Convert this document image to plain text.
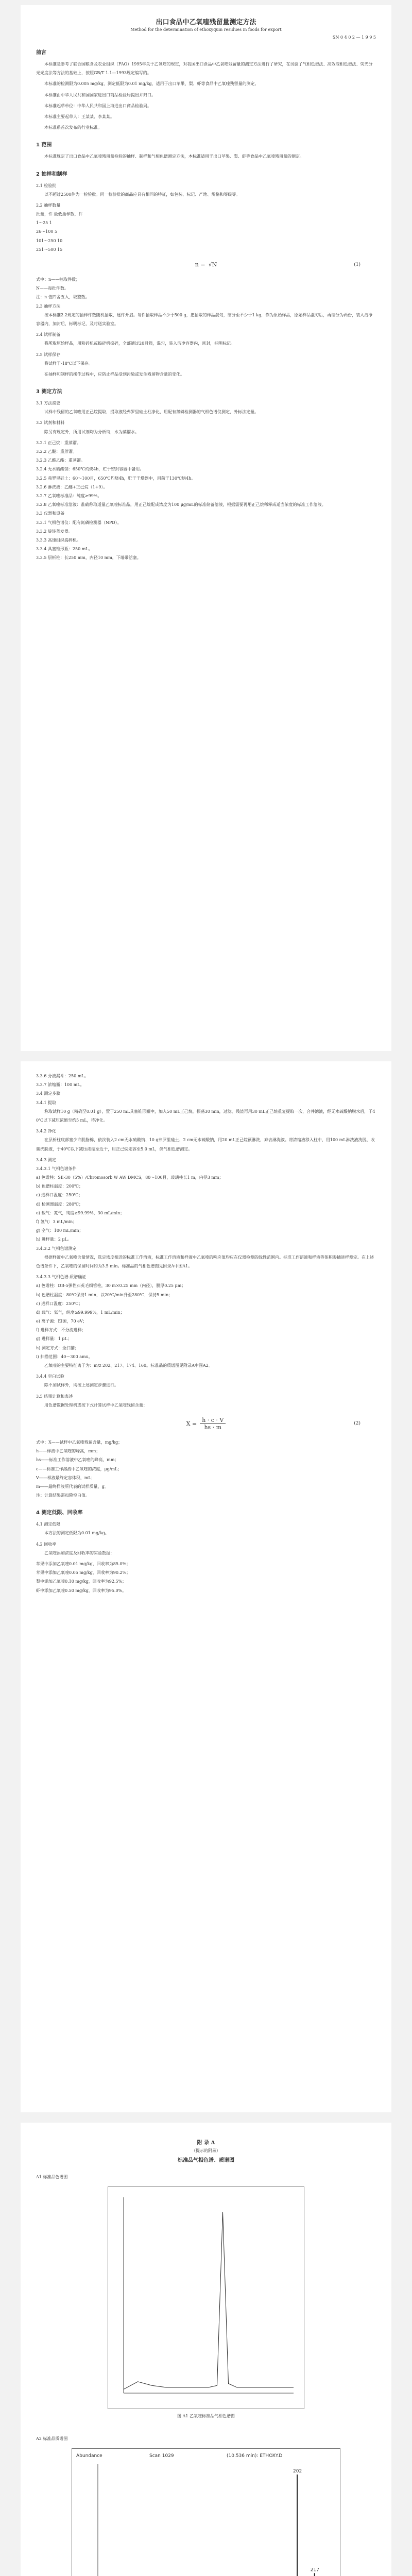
出口食品中乙氧喹残留量测定方法
Method for the determination of ethoxyquin residues in foods for export
SN 0 4 0 2 — 1 9 9 5
前言

本标准是参考了联合国粮食及农业组织（FAO）1995年关于乙氧喹的规定，对我国出口食品中乙氧喹残留量的测定方法进行了研究，在试验了气相色谱法、高效液相色谱法、荧光分光光度法等方法的基础上，按照GB/T 1.1—1993规定编写的。

本标准的检测限为0.005 mg/kg，测定低限为0.01 mg/kg，适用于出口苹果、梨、虾等食品中乙氧喹残留量的测定。

本标准由中华人民共和国国家进出口商品检验局提出并归口。

本标准起草单位：中华人民共和国上海进出口商品检验局。

本标准主要起草人：王某某、李某某。

本标准系首次发布的行业标准。

1 范围

本标准规定了出口食品中乙氧喹残留量检验的抽样、制样和气相色谱测定方法，本标准适用于出口苹果、梨、虾等食品中乙氧喹残留量的测定。

2 抽样和制样

2.1 检验批

以不超过2500件为一检验批。同一检验批的商品应具有相同的特征，如包装、标记、产地、规格和等级等。

2.2 抽样数量

批量，件 最低抽样数，件

1～25 1

26～100 5

101～250 10

251～500 15

n = √N	(1)

式中：n——抽取件数；

N——每批件数。

注：n 值四舍五入，取整数。

2.3 抽样方法

按本标准2.2规定的抽样件数随机抽取，逐件开启。每件抽取样品不少于500 g，把抽取的样品混匀，缩分至不少于1 kg，作为原始样品，原始样品混匀后，再缩分为两份，装入洁净容器内，加封后，标明标记，及时送实验室。

2.4 试样制备

将所取原始样品，用粉碎机或捣碎机捣碎，全部通过20目筛，混匀，装入洁净容器内，密封，标明标记。

2.5 试样保存

将试样于-18℃以下保存。

在抽样和制样的操作过程中，应防止样品受到污染或发生残留物含量的变化。

3 测定方法

3.1 方法提要

试样中残留的乙氧喹用正己烷提取，提取液经弗罗里硅土柱净化，用配有氮磷检测器的气相色谱仪测定，外标法定量。

3.2 试剂和材料

除另有规定外，所用试剂均为分析纯，水为蒸馏水。

3.2.1 正己烷：重蒸馏。

3.2.2 乙醚：重蒸馏。

3.2.3 乙酸乙酯：重蒸馏。

3.2.4 无水硫酸钠：650℃灼烧4h，贮于密封容器中备用。

3.2.5 弗罗里硅土：60～100目，650℃灼烧4h，贮于干燥器中，用前于130℃烘4h。

3.2.6 淋洗液：乙醚+正己烷（1+9）。

3.2.7 乙氧喹标准品：纯度≥99%。

3.2.8 乙氧喹标准溶液：准确称取适量乙氧喹标准品，用正己烷配成浓度为100 μg/mL的标准储备溶液，根据需要再用正己烷稀释成适当浓度的标准工作溶液。

3.3 仪器和设备

3.3.1 气相色谱仪：配有氮磷检测器（NPD）。

3.3.2 旋转蒸发器。

3.3.3 高速组织捣碎机。

3.3.4 具塞锥形瓶：250 mL。

3.3.5 层析柱：长250 mm，内径10 mm，下端带活塞。

3.3.6 分液漏斗：250 mL。

3.3.7 浓缩瓶：100 mL。

3.4 测定步骤

3.4.1 提取

称取试样10 g（精确至0.01 g），置于250 mL具塞锥形瓶中，加入50 mL正己烷，振荡30 min，过滤，残渣再用30 mL正己烷重复提取一次，合并滤液，经无水硫酸钠脱水后，于40℃以下减压浓缩至约5 mL，待净化。

3.4.2 净化

在层析柱底部塞少许脱脂棉，依次装入2 cm无水硫酸钠、10 g弗罗里硅土、2 cm无水硫酸钠，用20 mL正己烷预淋洗，弃去淋洗液。将浓缩液移入柱中，用100 mL淋洗液洗脱，收集洗脱液，于40℃以下减压浓缩至近干，用正己烷定容至5.0 mL，供气相色谱测定。

3.4.3 测定

3.4.3.1 气相色谱条件

a) 色谱柱：SE-30（5%）/Chromosorb W AW DMCS，80～100目，玻璃柱长1 m，内径3 mm；

b) 色谱柱温度：200℃；

c) 进样口温度：250℃；

d) 检测器温度：280℃；

e) 载气：氮气，纯度≥99.99%，30 mL/min；

f) 氢气：3 mL/min；

g) 空气：100 mL/min；

h) 进样量：2 μL。

3.4.3.2 气相色谱测定

根据样液中乙氧喹含量情况，选定浓度相近的标准工作溶液，标准工作溶液和样液中乙氧喹的响应值均应在仪器检测的线性范围内。标准工作溶液和样液等体积参插进样测定。在上述色谱条件下，乙氧喹的保留时间约为3.5 min。标准品的气相色谱图见附录A中图A1。

3.4.3.3 气相色谱-质谱确证

a) 色谱柱：DB-5弹性石英毛细管柱，30 m×0.25 mm（内径），膜厚0.25 μm；

b) 色谱柱温度：80℃保持1 min，以20℃/min升至280℃，保持5 min；

c) 进样口温度：250℃；

d) 载气：氦气，纯度≥99.999%，1 mL/min；

e) 离子源：EI源，70 eV；

f) 进样方式：不分流进样；

g) 进样量：1 μL；

h) 测定方式：全扫描；

i) 扫描范围：40～300 amu。

乙氧喹的主要特征离子为：m/z 202、217、174、160。标准品的质谱图见附录A中图A2。

3.4.4 空白试验

除不加试样外，均按上述测定步骤进行。

3.5 结果计算和表述

用色谱数据处理机或按下式计算试样中乙氧喹残留含量：

$X = \frac{h \cdot c \cdot V}{hs \cdot m}$	(2)

式中：X——试样中乙氧喹残留含量，mg/kg；

h——样液中乙氧喹的峰高，mm；

hs——标准工作溶液中乙氧喹的峰高，mm；

c——标准工作溶液中乙氧喹的浓度，μg/mL；

V——样液最终定容体积，mL；

m——最终样液所代表的试样质量，g。

注：计算结果需扣除空白值。

4 测定低限、回收率

4.1 测定低限

本方法的测定低限为0.01 mg/kg。

4.2 回收率

乙氧喹添加浓度及回收率的实验数据：

苹果中添加乙氧喹0.01 mg/kg，回收率为85.0%；

苹果中添加乙氧喹0.05 mg/kg，回收率为90.2%；

梨中添加乙氧喹0.10 mg/kg，回收率为92.5%；

虾中添加乙氧喹0.50 mg/kg，回收率为95.0%。

附 录 A
（提示的附录）
标准品气相色谱、质谱图

A1 标准品色谱图

图 A1 乙氧喹标准品气相色谱图

A2 标准品质谱图

Abundance	Scan 1029	(10.536 min): ETHOXY.D
202
217
